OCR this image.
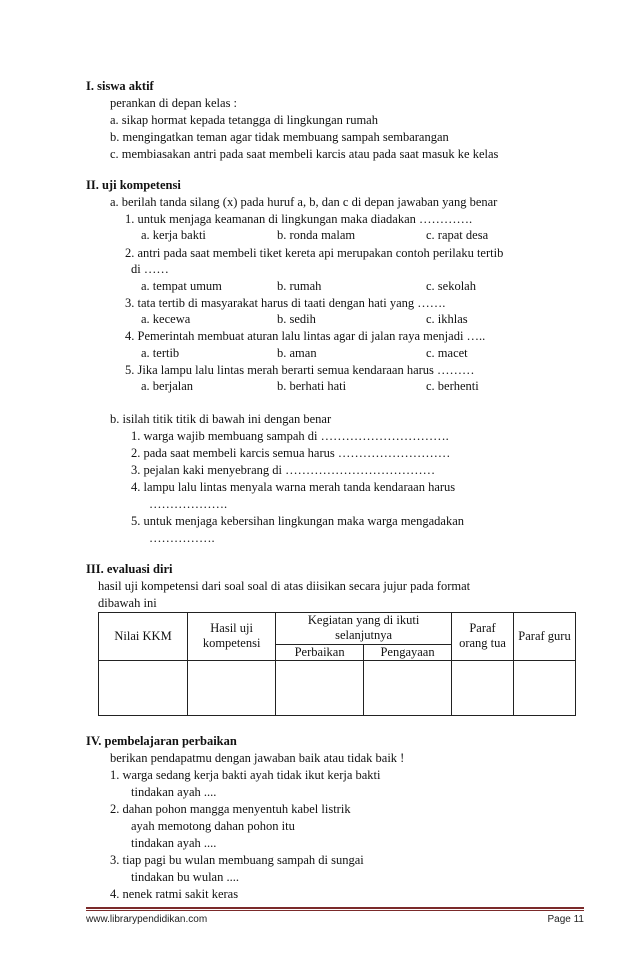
I. siswa aktif
perankan di depan kelas :
a. sikap hormat kepada tetangga di lingkungan rumah
b. mengingatkan teman agar tidak membuang sampah sembarangan
c. membiasakan antri pada saat membeli karcis atau pada saat masuk ke kelas
II. uji kompetensi
a. berilah tanda silang (x) pada huruf a, b, dan c di depan jawaban yang benar
1. untuk menjaga keamanan di lingkungan maka diadakan ………….
a. kerja bakti	b. ronda malam	c. rapat desa
2. antri pada saat membeli tiket kereta api merupakan contoh perilaku tertib
di ……
a. tempat umum	b. rumah	c. sekolah
3. tata tertib di masyarakat harus di taati dengan hati yang …….
a. kecewa	b. sedih	c. ikhlas
4. Pemerintah membuat aturan lalu lintas agar di jalan raya menjadi …..
a. tertib	b. aman	c. macet
5. Jika lampu lalu lintas merah berarti semua kendaraan harus ………
a. berjalan	b. berhati hati	c. berhenti
b. isilah titik titik di bawah ini dengan benar
1. warga wajib membuang sampah di ………………………….
2. pada saat membeli karcis semua harus ………………………
3. pejalan kaki menyebrang di ………………………………
4. lampu lalu lintas menyala warna merah tanda kendaraan harus
……………….
5. untuk menjaga kebersihan lingkungan maka warga mengadakan
…………….
III. evaluasi diri
hasil uji kompetensi dari soal soal di atas diisikan secara jujur pada format
dibawah ini
Nilai KKM	Hasil uji kompetensi	Kegiatan yang di ikuti selanjutnya		Paraf orang tua	Paraf guru
		Perbaikan	Pengayaan		

IV. pembelajaran perbaikan
berikan pendapatmu dengan jawaban baik atau tidak baik !
1. warga sedang kerja bakti ayah tidak ikut kerja bakti
tindakan ayah ....
2. dahan pohon mangga menyentuh kabel listrik
ayah memotong dahan pohon itu
tindakan ayah ....
3. tiap pagi bu wulan membuang sampah di sungai
tindakan bu wulan ....
4. nenek ratmi sakit keras
www.librarypendidikan.com	Page 11
